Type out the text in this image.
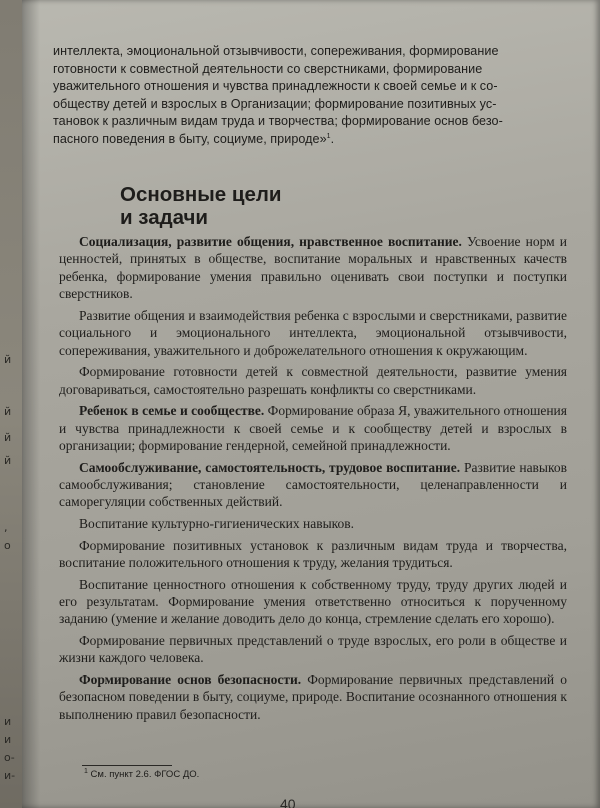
й
й
й
й
,
о
и
и
о-
и-

интеллекта, эмоциональной отзывчивости, сопереживания, формирование

готовности к совместной деятельности со сверстниками, формирование

уважительного отношения и чувства принадлежности к своей семье и к со-

обществу детей и взрослых в Организации; формирование позитивных ус-

тановок к различным видам труда и творчества; формирование основ безо-

пасного поведения в быту, социуме, природе»$^1$.

Основные цели
и задачи

Социализация, развитие общения, нравственное воспитание. Усвоение норм и ценностей, принятых в обществе, воспитание моральных и нравственных качеств ребенка, формирование умения правильно оценивать свои поступки и поступки сверстников.

Развитие общения и взаимодействия ребенка с взрослыми и сверстниками, развитие социального и эмоционального интеллекта, эмоциональной отзывчивости, сопереживания, уважительного и доброжелательного отношения к окружающим.

Формирование готовности детей к совместной деятельности, развитие умения договариваться, самостоятельно разрешать конфликты со сверстниками.

Ребенок в семье и сообществе. Формирование образа Я, уважительного отношения и чувства принадлежности к своей семье и к сообществу детей и взрослых в организации; формирование гендерной, семейной принадлежности.

Самообслуживание, самостоятельность, трудовое воспитание. Развитие навыков самообслуживания; становление самостоятельности, целенаправленности и саморегуляции собственных действий.

Воспитание культурно-гигиенических навыков.

Формирование позитивных установок к различным видам труда и творчества, воспитание положительного отношения к труду, желания трудиться.

Воспитание ценностного отношения к собственному труду, труду других людей и его результатам. Формирование умения ответственно относиться к порученному заданию (умение и желание доводить дело до конца, стремление сделать его хорошо).

Формирование первичных представлений о труде взрослых, его роли в обществе и жизни каждого человека.

Формирование основ безопасности. Формирование первичных представлений о безопасном поведении в быту, социуме, природе. Воспитание осознанного отношения к выполнению правил безопасности.

$^1$ См. пункт 2.6. ФГОС ДО.
40
